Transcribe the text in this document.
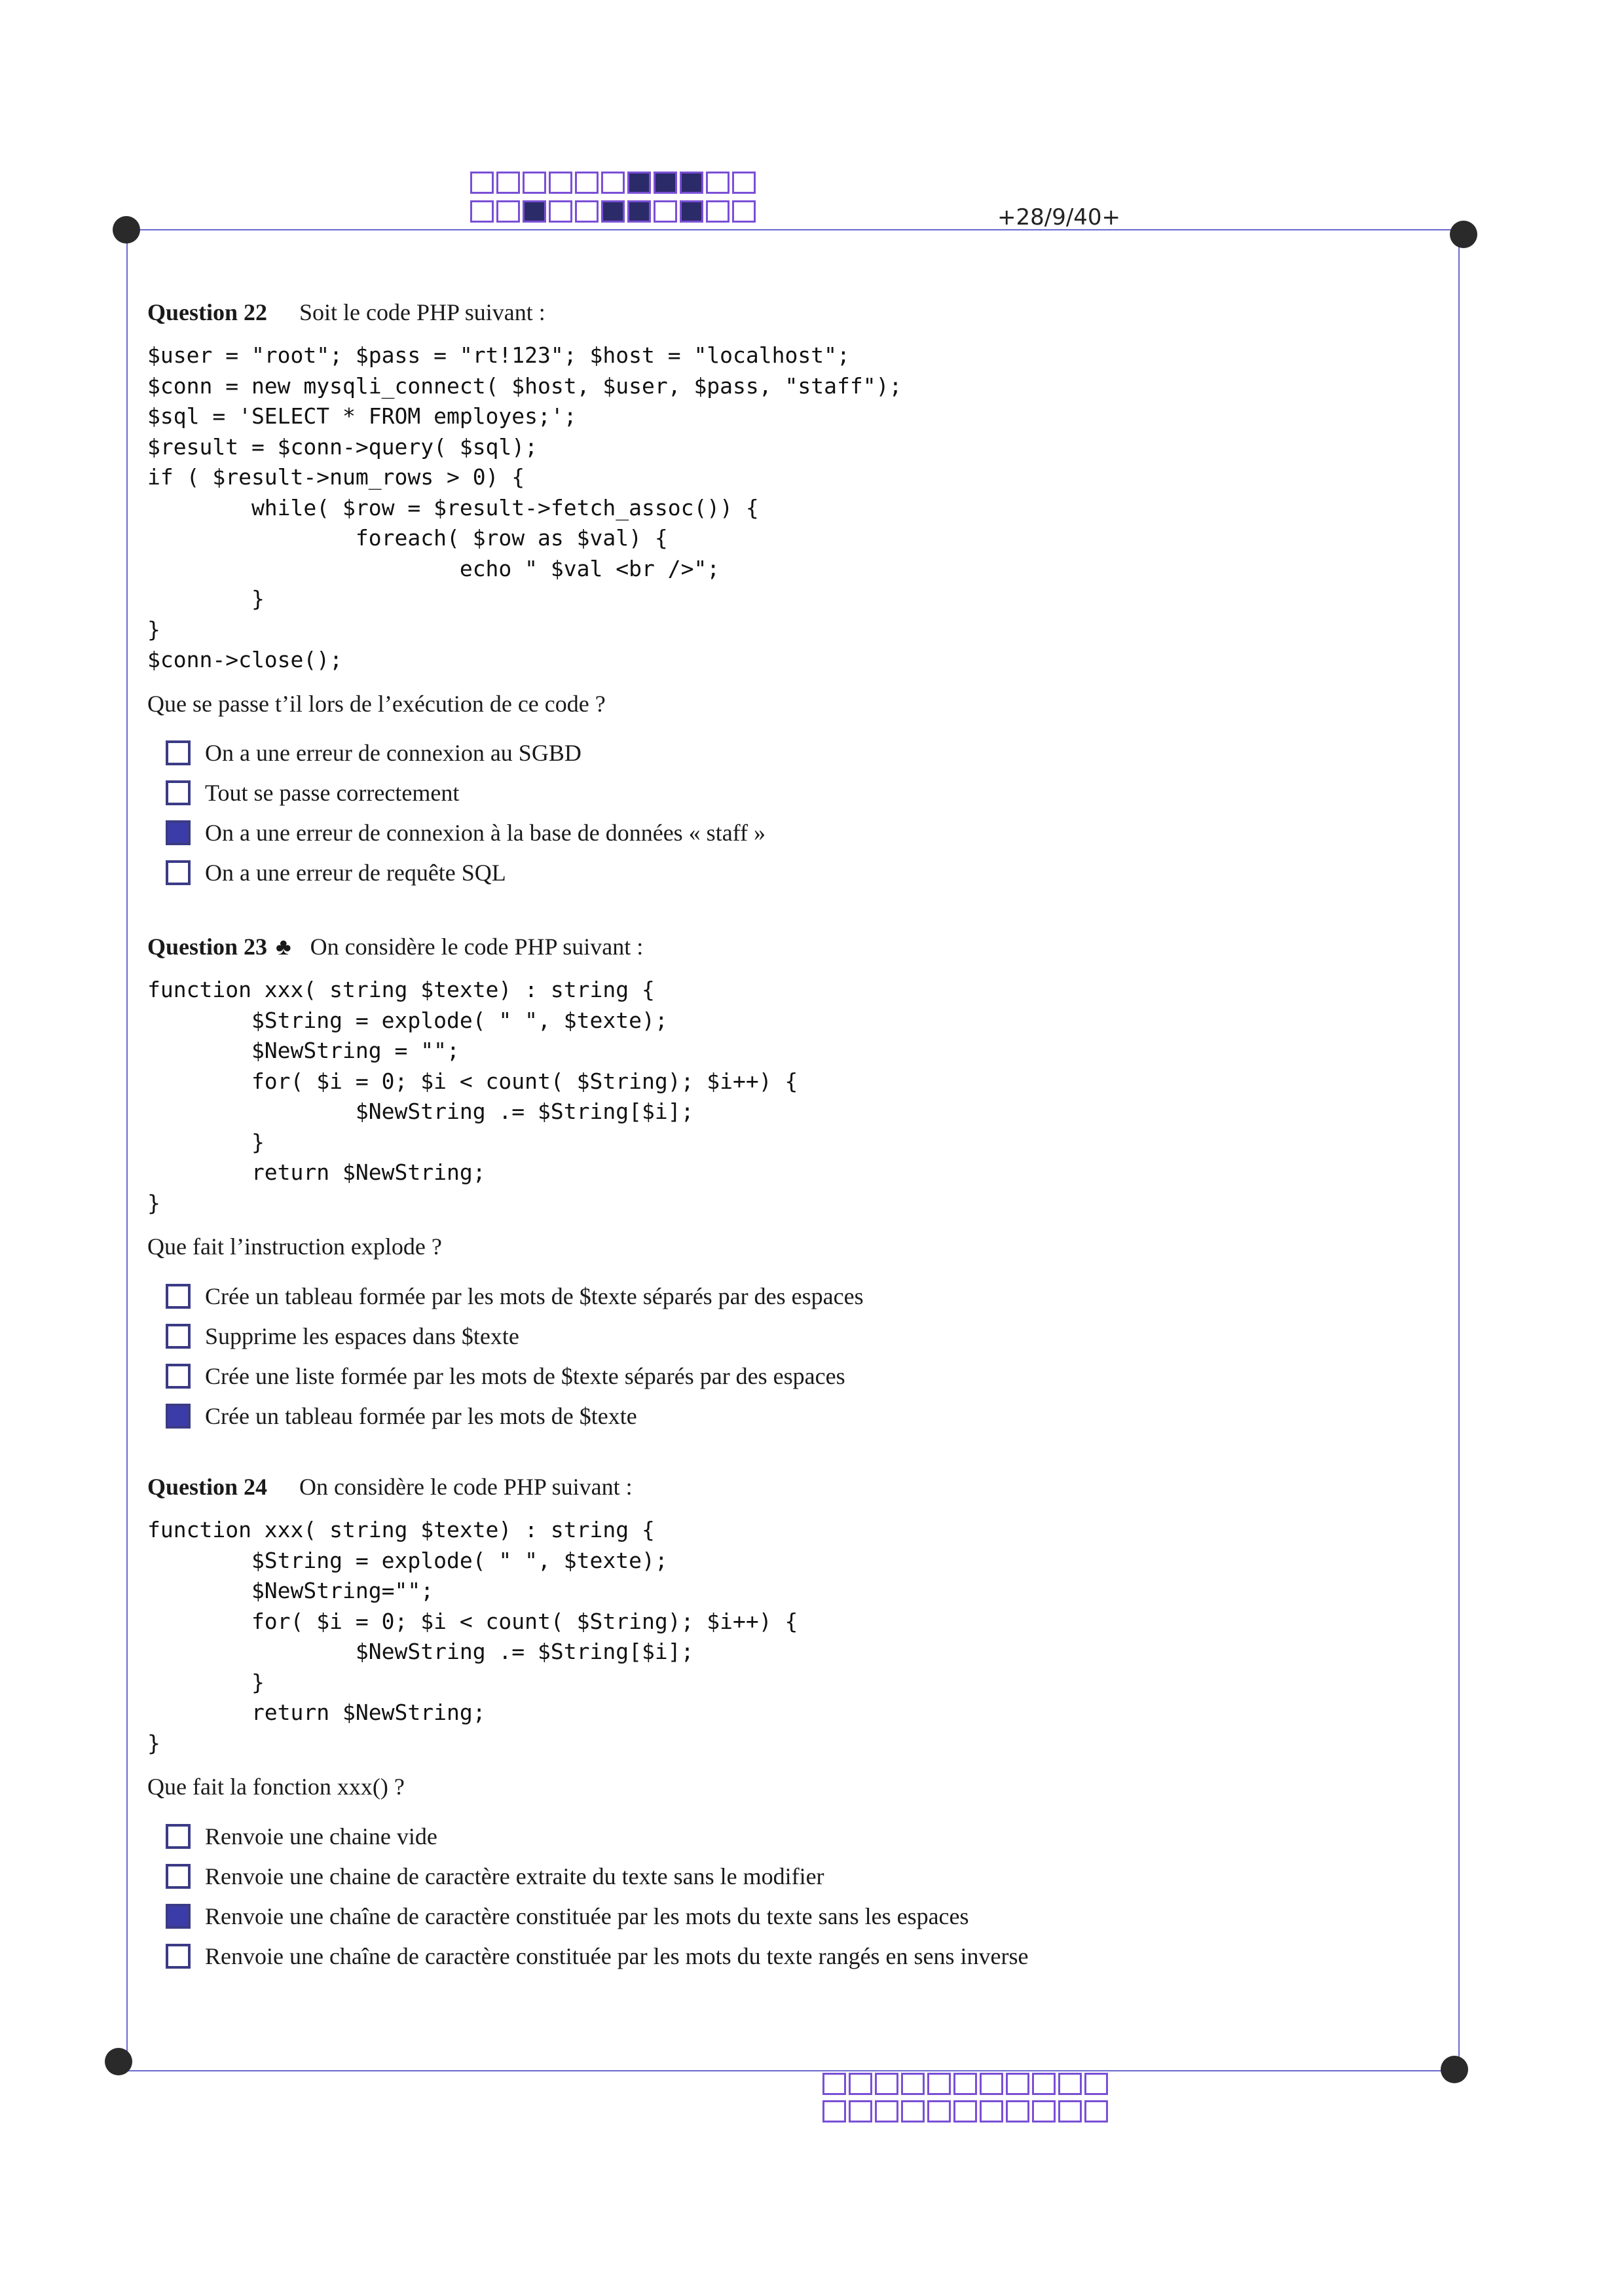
+28/9/40+

Question 22 Soit le code PHP suivant :

$user = "root"; $pass = "rt!123"; $host = "localhost";
$conn = new mysqli_connect( $host, $user, $pass, "staff");
$sql = 'SELECT * FROM employes;';
$result = $conn->query( $sql);
if ( $result->num_rows > 0) {
while( $row = $result->fetch_assoc()) {
foreach( $row as $val) {
echo " $val <br />";
}
}
$conn->close();

Que se passe t’il lors de l’exécution de ce code ?

On a une erreur de connexion au SGBD
Tout se passe correctement
On a une erreur de connexion à la base de données « staff »
On a une erreur de requête SQL

Question 23 ♣ On considère le code PHP suivant :

function xxx( string $texte) : string {
$String = explode( " ", $texte);
$NewString = "";
for( $i = 0; $i < count( $String); $i++) {
$NewString .= $String[$i];
}
return $NewString;
}

Que fait l’instruction explode ?

Crée un tableau formée par les mots de $texte séparés par des espaces
Supprime les espaces dans $texte
Crée une liste formée par les mots de $texte séparés par des espaces
Crée un tableau formée par les mots de $texte

Question 24 On considère le code PHP suivant :

function xxx( string $texte) : string {
$String = explode( " ", $texte);
$NewString="";
for( $i = 0; $i < count( $String); $i++) {
$NewString .= $String[$i];
}
return $NewString;
}

Que fait la fonction xxx() ?

Renvoie une chaine vide
Renvoie une chaine de caractère extraite du texte sans le modifier
Renvoie une chaîne de caractère constituée par les mots du texte sans les espaces
Renvoie une chaîne de caractère constituée par les mots du texte rangés en sens inverse
